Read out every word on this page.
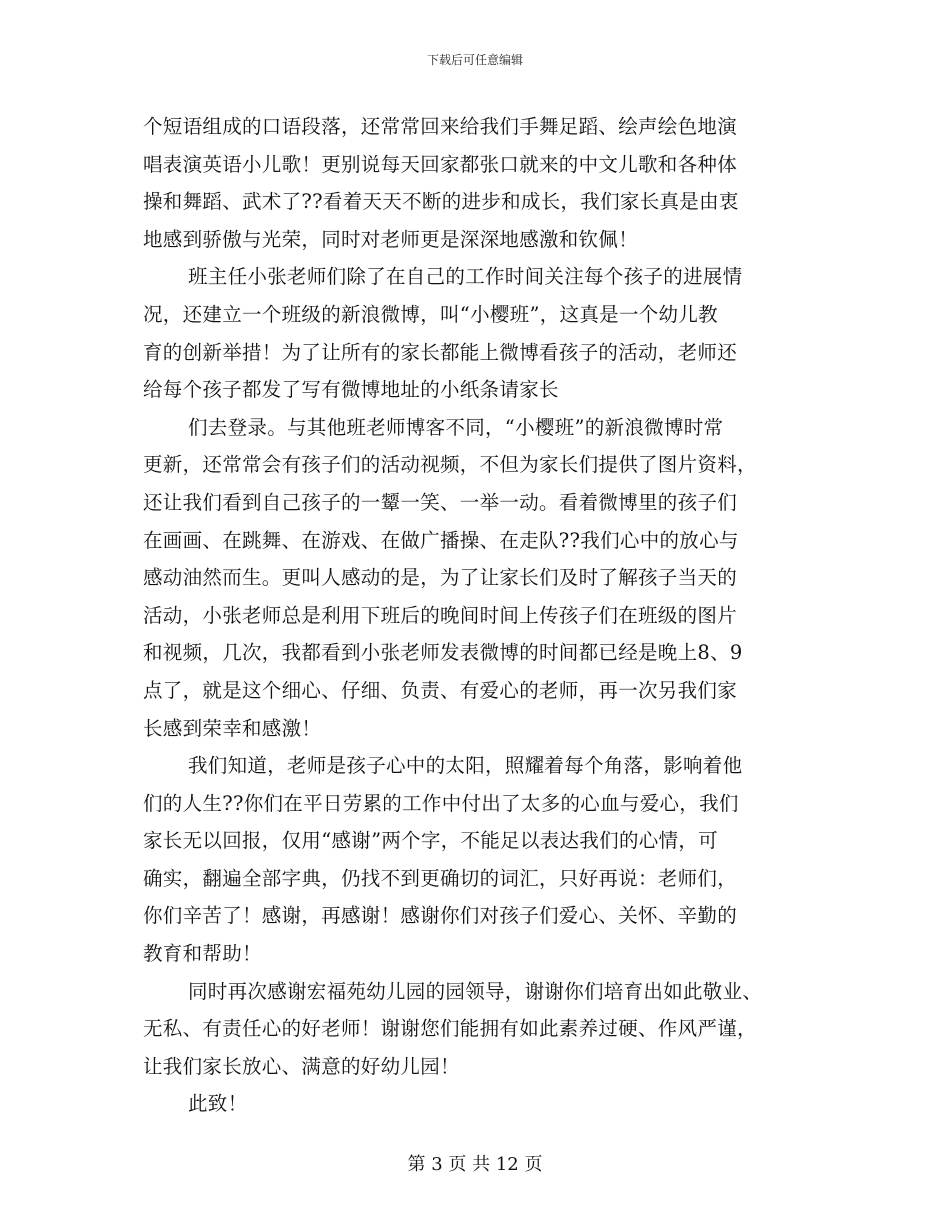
下载后可任意编辑
个短语组成的口语段落，还常常回来给我们手舞足蹈、绘声绘色地演
唱表演英语小儿歌！更别说每天回家都张口就来的中文儿歌和各种体
操和舞蹈、武术了??看着天天不断的进步和成长，我们家长真是由衷
地感到骄傲与光荣，同时对老师更是深深地感激和钦佩！
班主任小张老师们除了在自己的工作时间关注每个孩子的进展情
况，还建立一个班级的新浪微博，叫“小樱班”，这真是一个幼儿教
育的创新举措！为了让所有的家长都能上微博看孩子的活动，老师还
给每个孩子都发了写有微博地址的小纸条请家长
们去登录。与其他班老师博客不同，“小樱班”的新浪微博时常
更新，还常常会有孩子们的活动视频，不但为家长们提供了图片资料，
还让我们看到自己孩子的一颦一笑、一举一动。看着微博里的孩子们
在画画、在跳舞、在游戏、在做广播操、在走队??我们心中的放心与
感动油然而生。更叫人感动的是，为了让家长们及时了解孩子当天的
活动，小张老师总是利用下班后的晚间时间上传孩子们在班级的图片
和视频，几次，我都看到小张老师发表微博的时间都已经是晚上8、9
点了，就是这个细心、仔细、负责、有爱心的老师，再一次另我们家
长感到荣幸和感激！
我们知道，老师是孩子心中的太阳，照耀着每个角落，影响着他
们的人生??你们在平日劳累的工作中付出了太多的心血与爱心，我们
家长无以回报，仅用“感谢”两个字，不能足以表达我们的心情，可
确实，翻遍全部字典，仍找不到更确切的词汇，只好再说：老师们，
你们辛苦了！感谢，再感谢！感谢你们对孩子们爱心、关怀、辛勤的
教育和帮助！
同时再次感谢宏福苑幼儿园的园领导，谢谢你们培育出如此敬业、
无私、有责任心的好老师！谢谢您们能拥有如此素养过硬、作风严谨，
让我们家长放心、满意的好幼儿园！
此致！
第 3 页 共 12 页
